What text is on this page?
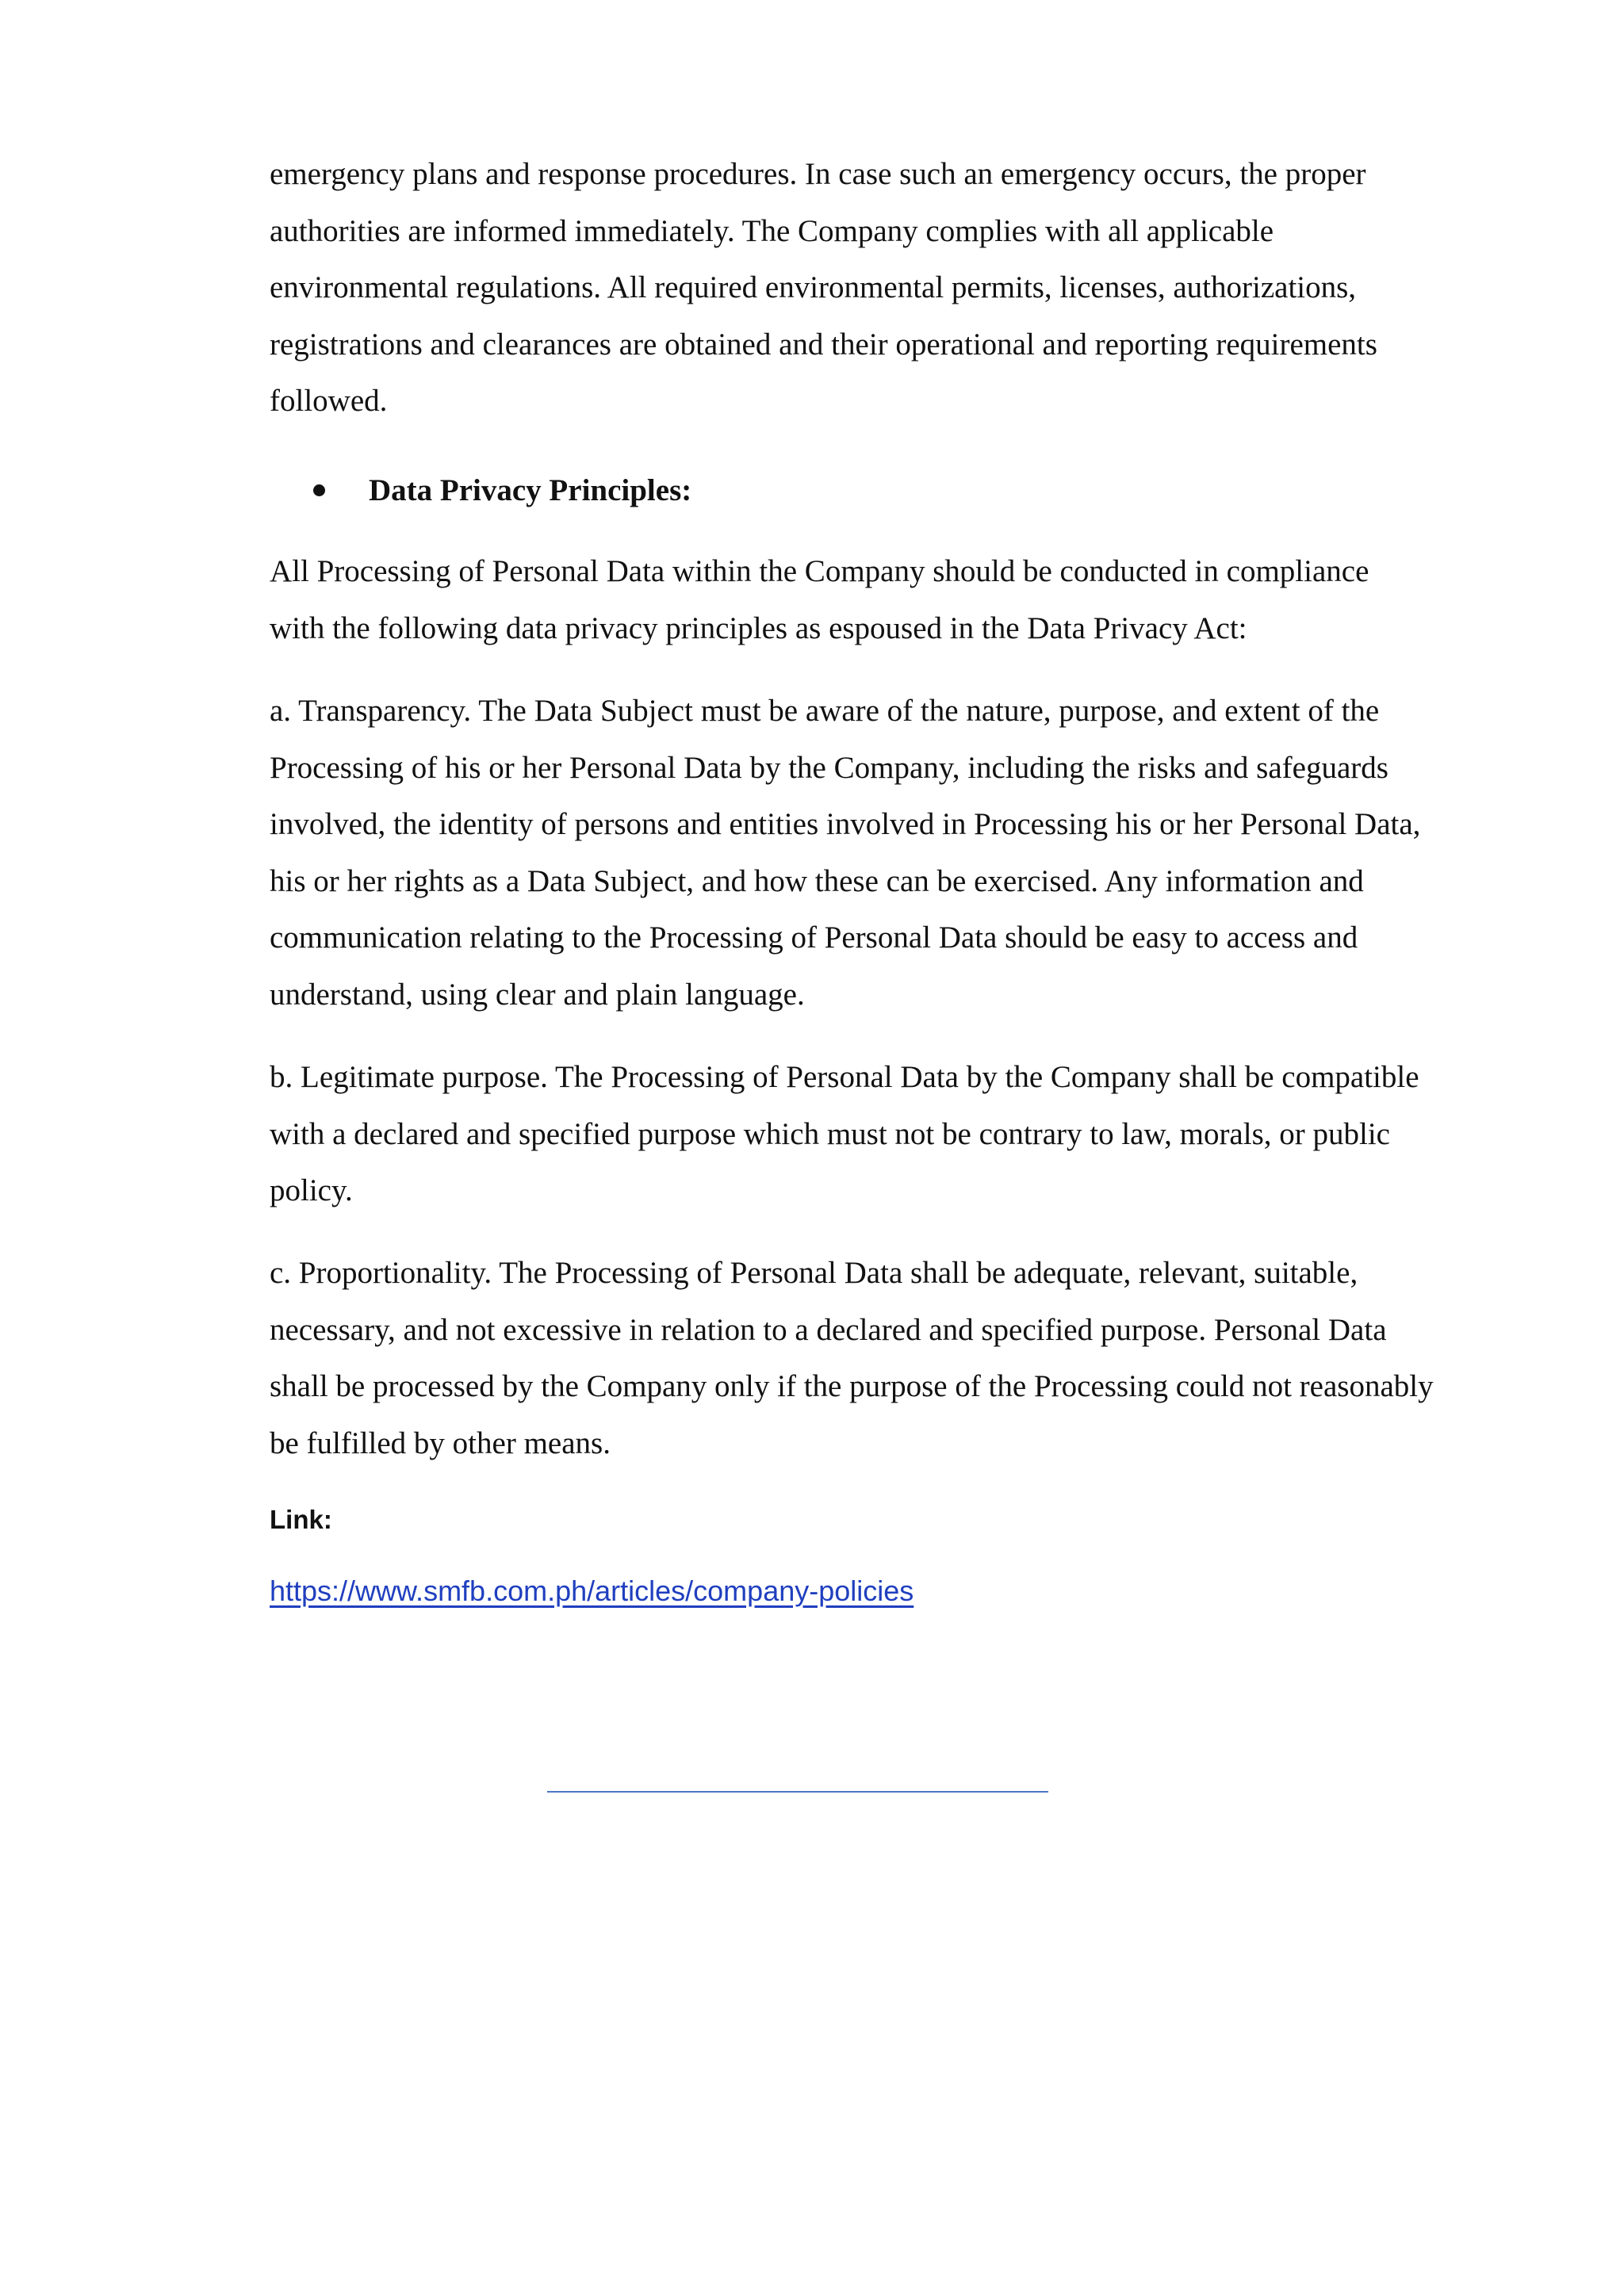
emergency plans and response procedures. In case such an emergency occurs, the proper
authorities are informed immediately. The Company complies with all applicable
environmental regulations. All required environmental permits, licenses, authorizations,
registrations and clearances are obtained and their operational and reporting requirements
followed.

Data Privacy Principles:

All Processing of Personal Data within the Company should be conducted in compliance
with the following data privacy principles as espoused in the Data Privacy Act:

a. Transparency. The Data Subject must be aware of the nature, purpose, and extent of the
Processing of his or her Personal Data by the Company, including the risks and safeguards
involved, the identity of persons and entities involved in Processing his or her Personal Data,
his or her rights as a Data Subject, and how these can be exercised. Any information and
communication relating to the Processing of Personal Data should be easy to access and
understand, using clear and plain language.

b. Legitimate purpose. The Processing of Personal Data by the Company shall be compatible
with a declared and specified purpose which must not be contrary to law, morals, or public
policy.

c. Proportionality. The Processing of Personal Data shall be adequate, relevant, suitable,
necessary, and not excessive in relation to a declared and specified purpose. Personal Data
shall be processed by the Company only if the purpose of the Processing could not reasonably
be fulfilled by other means.

Link:
https://www.smfb.com.ph/articles/company-policies
